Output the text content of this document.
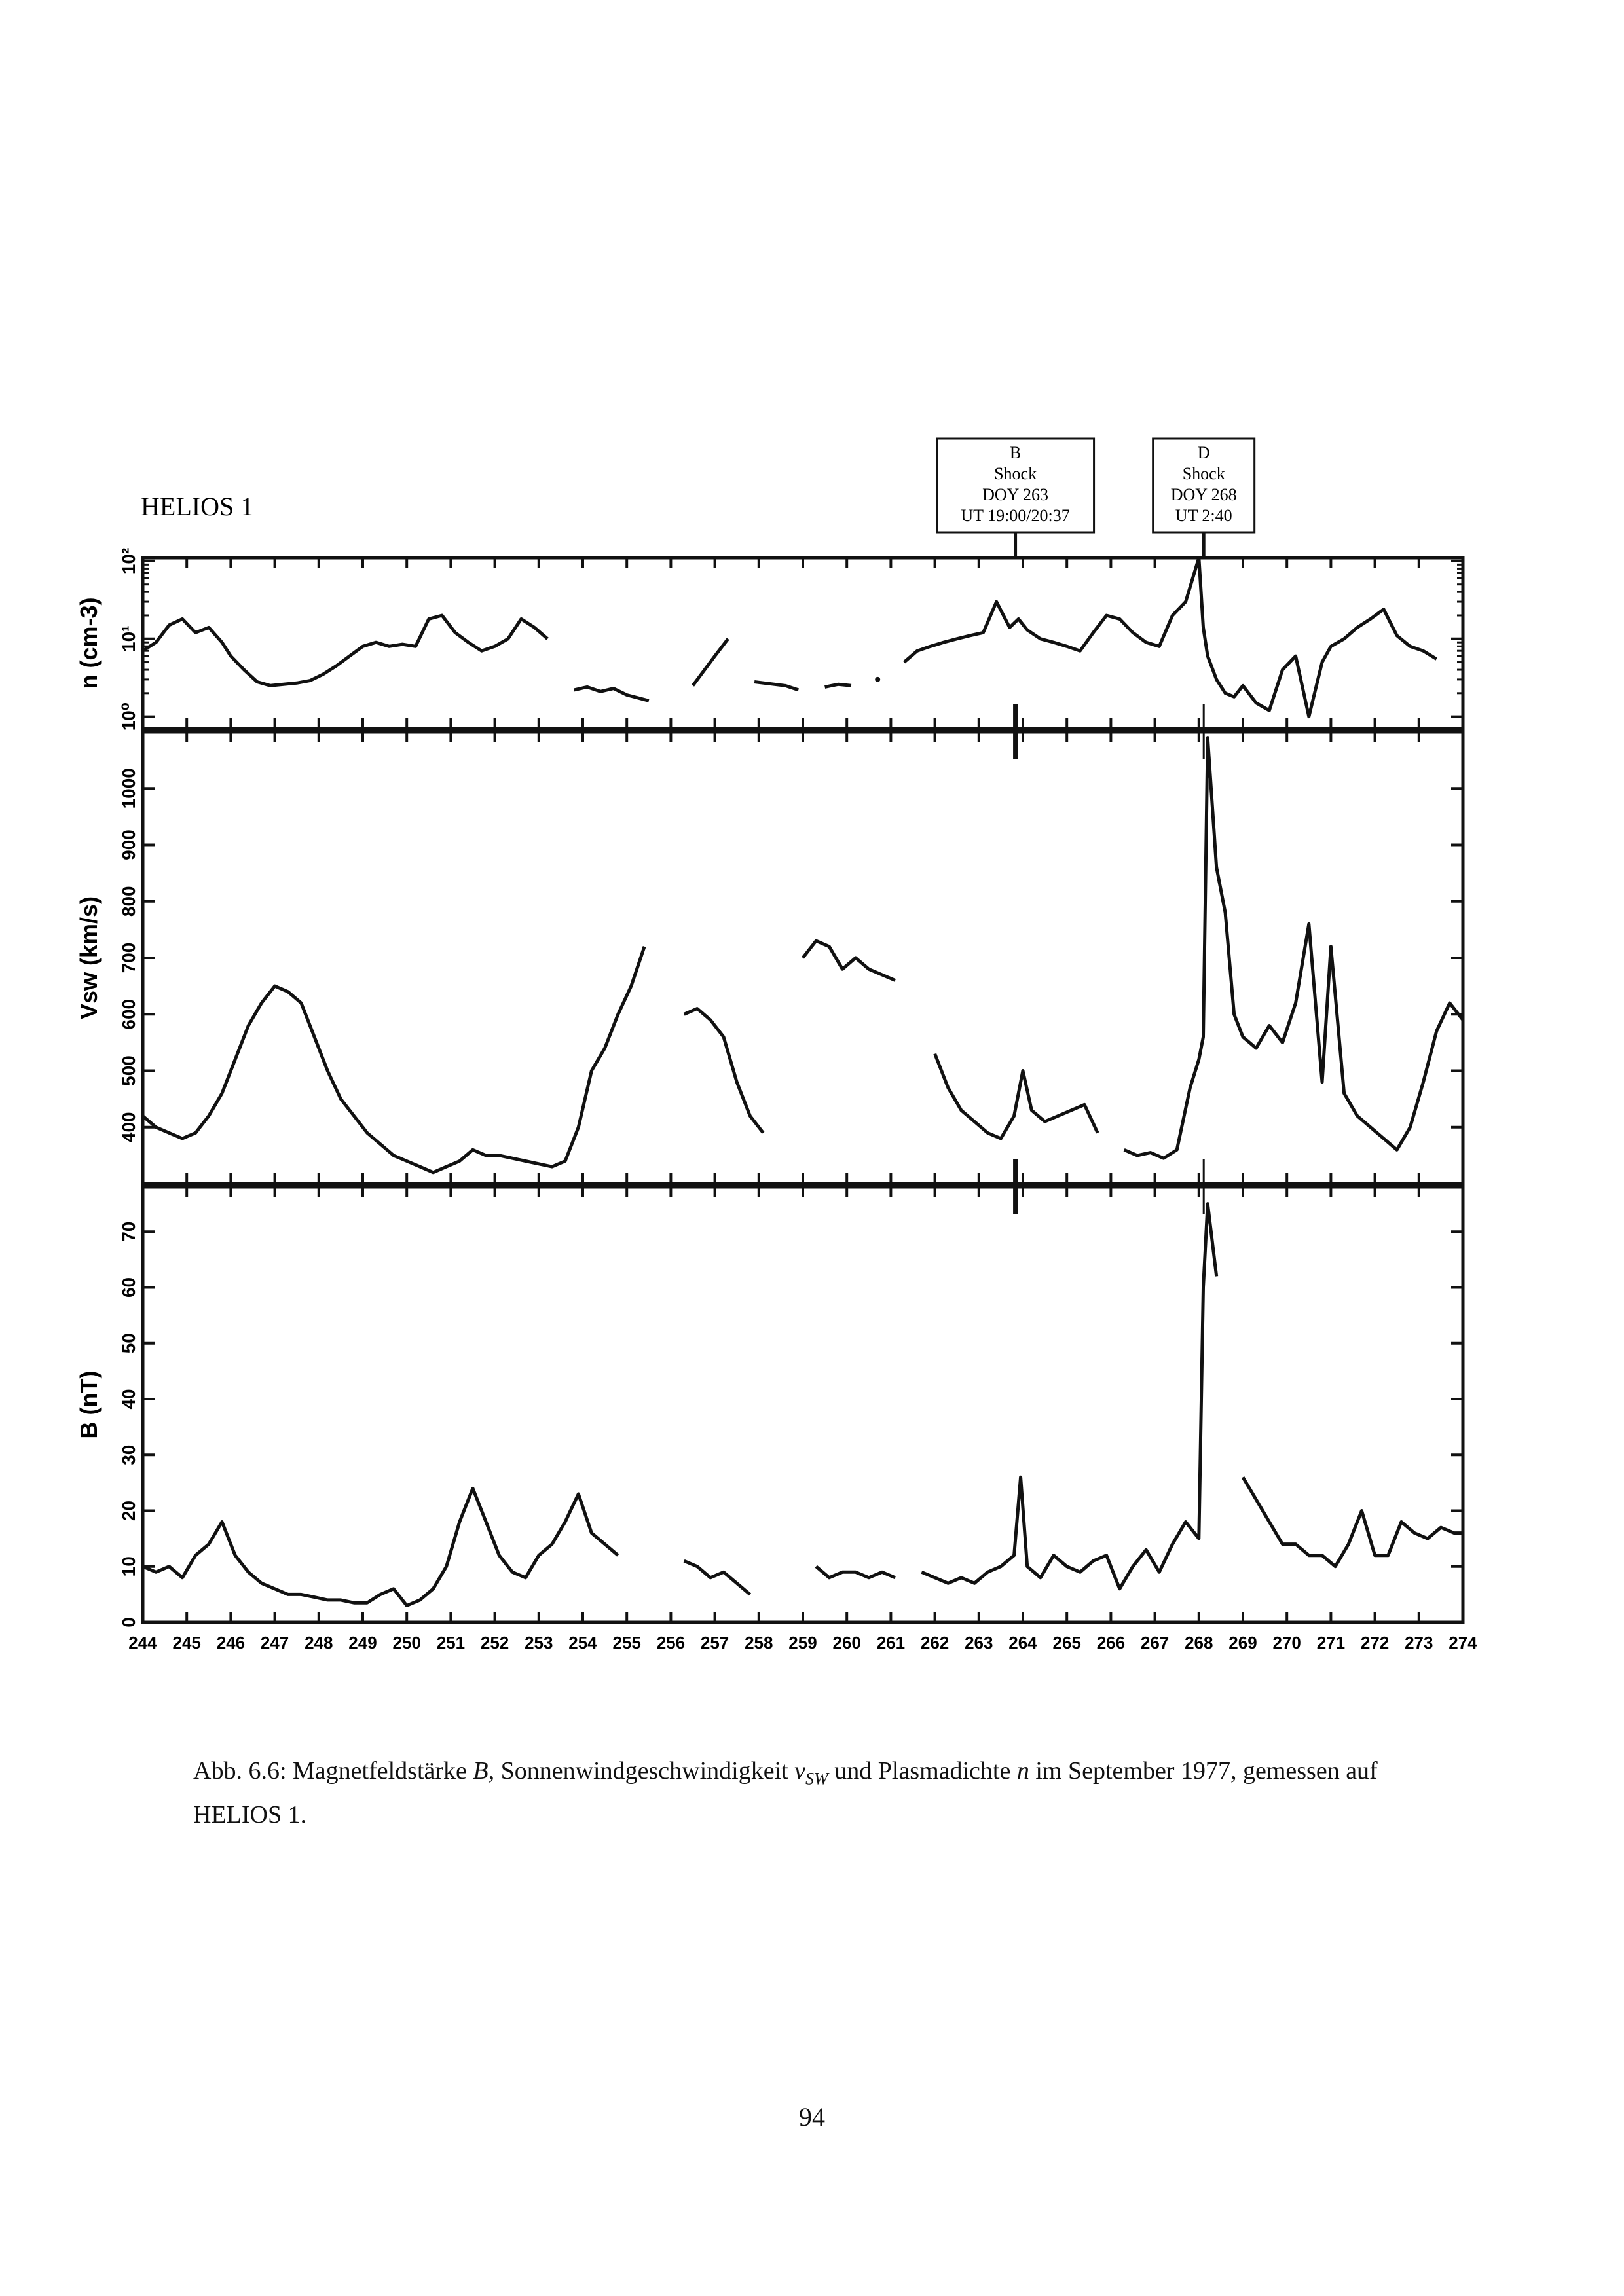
HELIOS 1
B
Shock
DOY 263
UT 19:00/20:37
D
Shock
DOY 268
UT 2:40
10⁰
10¹
10²
n (cm-3)
400
500
600
700
800
900
1000
Vsw (km/s)
0
10
20
30
40
50
60
70
B (nT)
244 245 246 247 248 249 250 251 252 253 254 255 256 257 258 259 260 261 262 263 264 265 266 267 268 269 270 271 272 273 274
Abb. 6.6: Magnetfeldstärke B, Sonnenwindgeschwindigkeit $v_{SW}$ und Plasmadichte n im September 1977, gemessen auf HELIOS 1.
94
